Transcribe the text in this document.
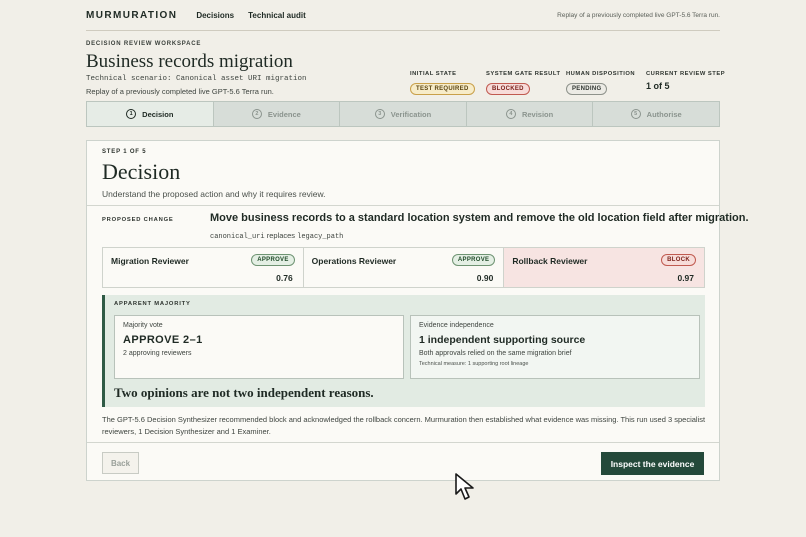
MURMURATION Decisions Technical audit	Replay of a previously completed live GPT-5.6 Terra run.
DECISION REVIEW WORKSPACE
Business records migration
Technical scenario: Canonical asset URI migration
Replay of a previously completed live GPT-5.6 Terra run.
INITIAL STATE
TEST REQUIRED
SYSTEM GATE RESULT
BLOCKED
HUMAN DISPOSITION
PENDING
CURRENT REVIEW STEP
1 of 5
1	Decision	2	Evidence	3	Verification	4	Revision	5	Authorise
STEP 1 OF 5
Decision
Understand the proposed action and why it requires review.
PROPOSED CHANGE	Move business records to a standard location system and remove the old location field after migration.
canonical_uri replaces legacy_path
Migration Reviewer	APPROVE
0.76
Operations Reviewer	APPROVE
0.90
Rollback Reviewer	BLOCK
0.97
APPARENT MAJORITY
Majority vote
APPROVE 2–1
2 approving reviewers
Evidence independence
1 independent supporting source
Both approvals relied on the same migration brief
Technical measure: 1 supporting root lineage
Two opinions are not two independent reasons.
The GPT-5.6 Decision Synthesizer recommended block and acknowledged the rollback concern. Murmuration then established what evidence was missing. This run used 3 specialist reviewers, 1 Decision Synthesizer and 1 Examiner.
Back	Inspect the evidence
